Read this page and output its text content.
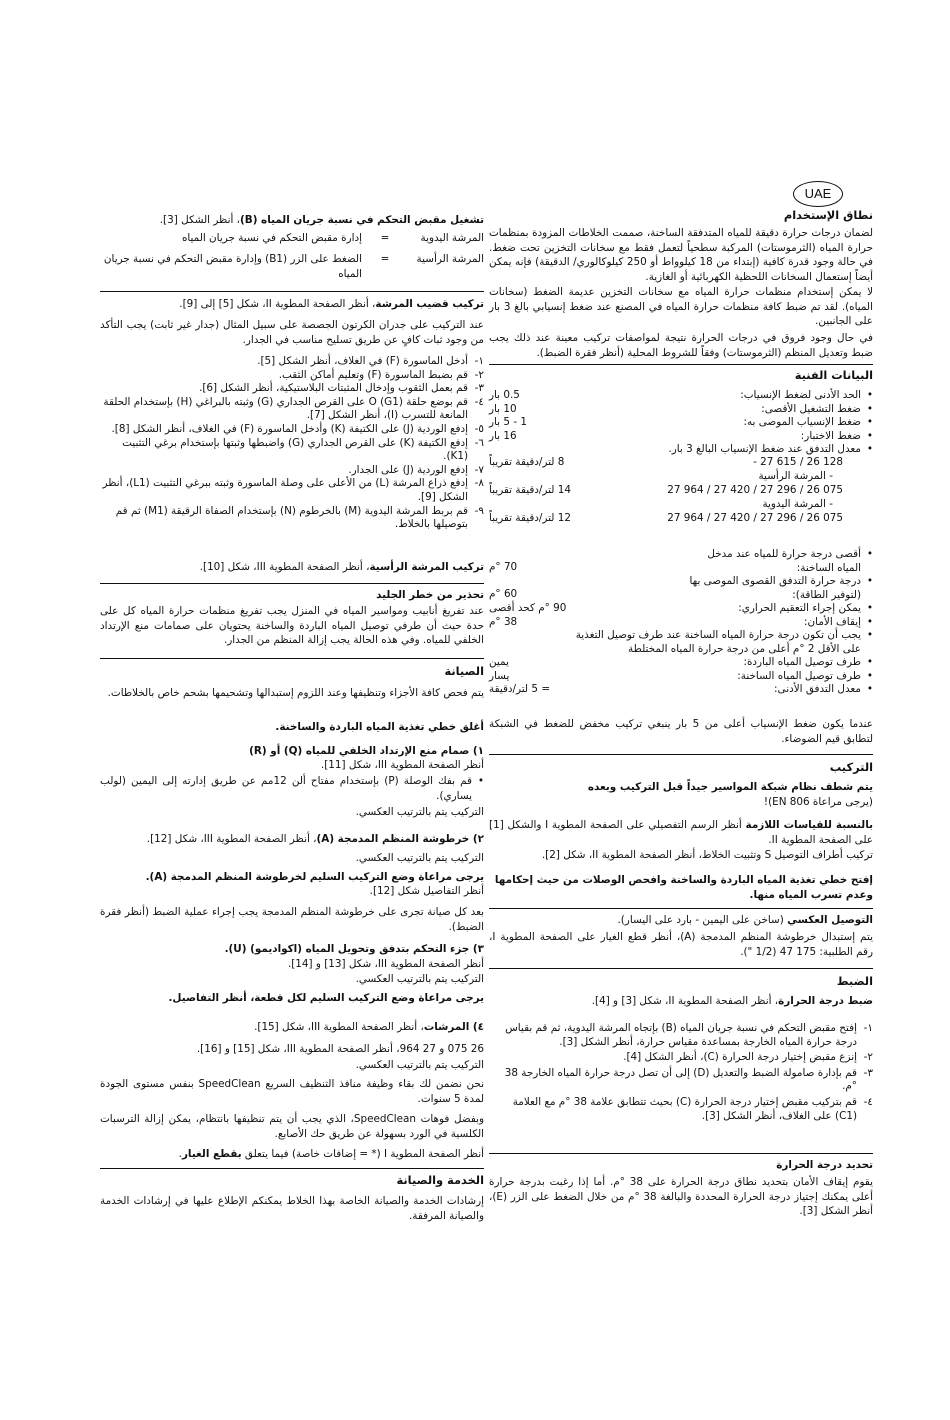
UAE
نطاق الإستخدام

لضمان درجات حرارة دقيقة للمياه المتدفقة الساخنة، صممت الخلاطات المزودة بمنظمات حرارة المياه (الثرموستات) المركبة سطحياً لتعمل فقط مع سخانات التخزين تحت ضغط. في حالة وجود قدرة كافية (إبتداء من 18 كيلوواط أو 250 كيلوكالوري/ الدقيقة) فإنه يمكن أيضاً إستعمال السخانات اللحظية الكهربائية أو الغازية.

لا يمكن إستخدام منظمات حرارة المياه مع سخانات التخزين عديمة الضغط (سخانات المياه). لقد تم ضبط كافة منظمات حرارة المياه في المصنع عند ضغط إنسيابي بالغ 3 بار على الجانبين.

في حال وجود فروق في درجات الحرارة نتيجة لمواصفات تركيب معينة عند ذلك يجب ضبط وتعديل المنظم (الثرموستات) وفقاً للشروط المحلية (أنظر فقرة الضبط).

البيانات الفنية
•
الحد الأدنى لضغط الإنسياب:
0.5 بار
•
ضغط التشغيل الأقصى:
10 بار
•
ضغط الإنسياب الموصى به:
1 - 5 بار
•
ضغط الاختبار:
16 بار
•
معدل التدفق عند ضغط الإنسياب البالغ 3 بار.
- 27 615 / 26 128
8 لتر/دقيقة تقريباً
- المرشة الرأسية
27 964 / 27 420 / 27 296 / 26 075
14 لتر/دقيقة تقريباً
- المرشة اليدوية
27 964 / 27 420 / 27 296 / 26 075
12 لتر/دقيقة تقريباً
•
أقصى درجة حرارة للمياه عند مدخل المياه الساخنة:
70 °م
•
درجة حرارة التدفق القصوى الموصى بها (لتوفير الطاقة):
60 °م
•
يمكن إجراء التعقيم الحراري:
90 °م كحد أقصى
•
إيقاف الأمان:
38 °م
•
يجب أن تكون درجة حرارة المياه الساخنة عند طرف توصيل التغذية على الأقل 2 °م أعلى من درجة حرارة المياه المختلطة
•
طرف توصيل المياه الباردة:
يمين
•
طرف توصيل المياه الساخنة:
يسار
•
معدل التدفق الأدنى:
= 5 لتر/دقيقة

عندما يكون ضغط الإنسياب أعلى من 5 بار ينبغي تركيب مخفض للضغط في الشبكة لتطابق قيم الضوضاء.

التركيب

يتم شطف نظام شبكة المواسير جيداً قبل التركيب وبعده

(يرجى مراعاة EN 806)!

بالنسبة للقياسات اللازمة أنظر الرسم التفصيلي على الصفحة المطوية I والشكل [1] على الصفحة المطوية II.

تركيب أطراف التوصيل S وتثبيت الخلاط، أنظر الصفحة المطوية II، شكل [2].

إفتح خطي تغذية المياه الباردة والساخنة وافحص الوصلات من حيث إحكامها وعدم تسرب المياه منها.

التوصيل العكسي (ساخن على اليمين - بارد على اليسار).

يتم إستبدال خرطوشة المنظم المدمجة (A)، أنظر قطع الغيار على الصفحة المطوية I، رقم الطلبية: 175 47 (1/2 ").

الضبط

ضبط درجة الحرارة، أنظر الصفحة المطوية II، شكل [3] و [4].

١-
إفتح مقبض التحكم في نسبة جريان المياه (B) بإتجاه المرشة اليدوية، ثم قم بقياس درجة حرارة المياه الخارجة بمساعدة مقياس حرارة، أنظر الشكل [3].
٢-
إنزع مقبض إختيار درجة الحرارة (C)، أنظر الشكل [4].
٣-
قم بإدارة صامولة الضبط والتعديل (D) إلى أن تصل درجة حرارة المياه الخارجة 38 °م.
٤-
قم بتركيب مقبض إختيار درجة الحرارة (C) بحيث تتطابق علامة 38 °م مع العلامة (C1) على الغلاف، أنظر الشكل [3].

تحديد درجة الحرارة

يقوم إيقاف الأمان بتحديد نطاق درجة الحرارة على 38 °م. أما إذا رغبت بدرجة حرارة أعلى يمكنك إجتياز درجة الحرارة المحددة والبالغة 38 °م من خلال الضغط على الزر (E)، أنظر الشكل [3].

تشغيل مقبض التحكم في نسبة جريان المياه (B)، أنظر الشكل [3].

المرشة اليدوية
=
إدارة مقبض التحكم في نسبة جريان المياه
المرشة الرأسية
=
الضغط على الزر (B1) وإدارة مقبض التحكم في نسبة جريان المياه

تركيب قضيب المرشة، أنظر الصفحة المطوية II، شكل [5] إلى [9].

عند التركيب على جدران الكرتون الجصصة على سبيل المثال (جدار غير ثابت) يجب التأكد من وجود ثبات كافٍ عن طريق تسليح مناسب في الجدار.

١-
أدخل الماسورة (F) في الغلاف، أنظر الشكل [5].
٢-
قم بضبط الماسورة (F) وتعليم أماكن الثقب.
٣-
قم بعمل الثقوب وإدخال المثبتات البلاستيكية، أنظر الشكل [6].
٤-
قم بوضع حلقة O (G1) على القرص الجداري (G) وثبته بالبراغي (H) بإستخدام الحلقة المانعة للتسرب (I)، أنظر الشكل [7].
٥-
إدفع الوردية (J) على الكتيفة (K) وأدخل الماسورة (F) في الغلاف، أنظر الشكل [8].
٦-
إدفع الكتيفة (K) على القرص الجداري (G) واضبطها وثبتها بإستخدام برغي التثبيت (K1).
٧-
إدفع الوردية (J) على الجدار.
٨-
إدفع ذراع المرشة (L) من الأعلى على وصلة الماسورة وثبته ببرغي التثبيت (L1)، أنظر الشكل [9].
٩-
قم بربط المرشة اليدوية (M) بالخرطوم (N) بإستخدام الصفاة الرقيقة (M1) ثم قم بتوصيلها بالخلاط.

تركيب المرشة الرأسية، أنظر الصفحة المطوية III، شكل [10].

تحذير من خطر الجليد

عند تفريغ أنابيب ومواسير المياه في المنزل يجب تفريغ منظمات حرارة المياه كل على حدة حيث أن طرفي توصيل المياه الباردة والساخنة يحتويان على صمامات منع الإرتداد الخلفي للمياه. وفي هذه الحالة يجب إزالة المنظم من الجدار.

الصيانة

يتم فحص كافة الأجزاء وتنظيفها وعند اللزوم إستبدالها وتشحيمها بشحم خاص بالخلاطات.

أغلق خطي تغذية المياه الباردة والساخنة.

١) صمام منع الإرتداد الخلفي للمياه (Q) أو (R)

أنظر الصفحة المطوية III، شكل [11].

•
قم بفك الوصلة (P) بإستخدام مفتاح ألن 12مم عن طريق إدارته إلى اليمين (لولب يساري).

التركيب يتم بالترتيب العكسي.

٢) خرطوشة المنظم المدمجة (A)، أنظر الصفحة المطوية III، شكل [12].

التركيب يتم بالترتيب العكسي.

يرجى مراعاة وضع التركيب السليم لخرطوشة المنظم المدمجة (A).

أنظر التفاصيل شكل [12].

بعد كل صيانة تجرى على خرطوشة المنظم المدمجة يجب إجراء عملية الضبط (أنظر فقرة الضبط).

٣) جزء التحكم بتدفق وتحويل المياه (اكواديمو) (U).

أنظر الصفحة المطوية III، شكل [13] و [14].

التركيب يتم بالترتيب العكسي.

يرجى مراعاة وضع التركيب السليم لكل قطعة، أنظر التفاصيل.

٤) المرشات، أنظر الصفحة المطوية III، شكل [15].

26 075 و 27 964، أنظر الصفحة المطوية III، شكل [15] و [16].

التركيب يتم بالترتيب العكسي.

نحن نضمن لك بقاء وظيفة منافذ التنظيف السريع SpeedClean بنفس مستوى الجودة لمدة 5 سنوات.

وبفضل فوهات SpeedClean، الذي يجب أن يتم تنظيفها بانتظام، يمكن إزالة الترسبات الكلسية في الورد بسهولة عن طريق حك الأصابع.

أنظر الصفحة المطوية I (* = إضافات خاصة) فيما يتعلق بقطع الغيار.

الخدمة والصيانة

إرشادات الخدمة والصيانة الخاصة بهذا الخلاط يمكنكم الإطلاع عليها في إرشادات الخدمة والصيانة المرفقة.
